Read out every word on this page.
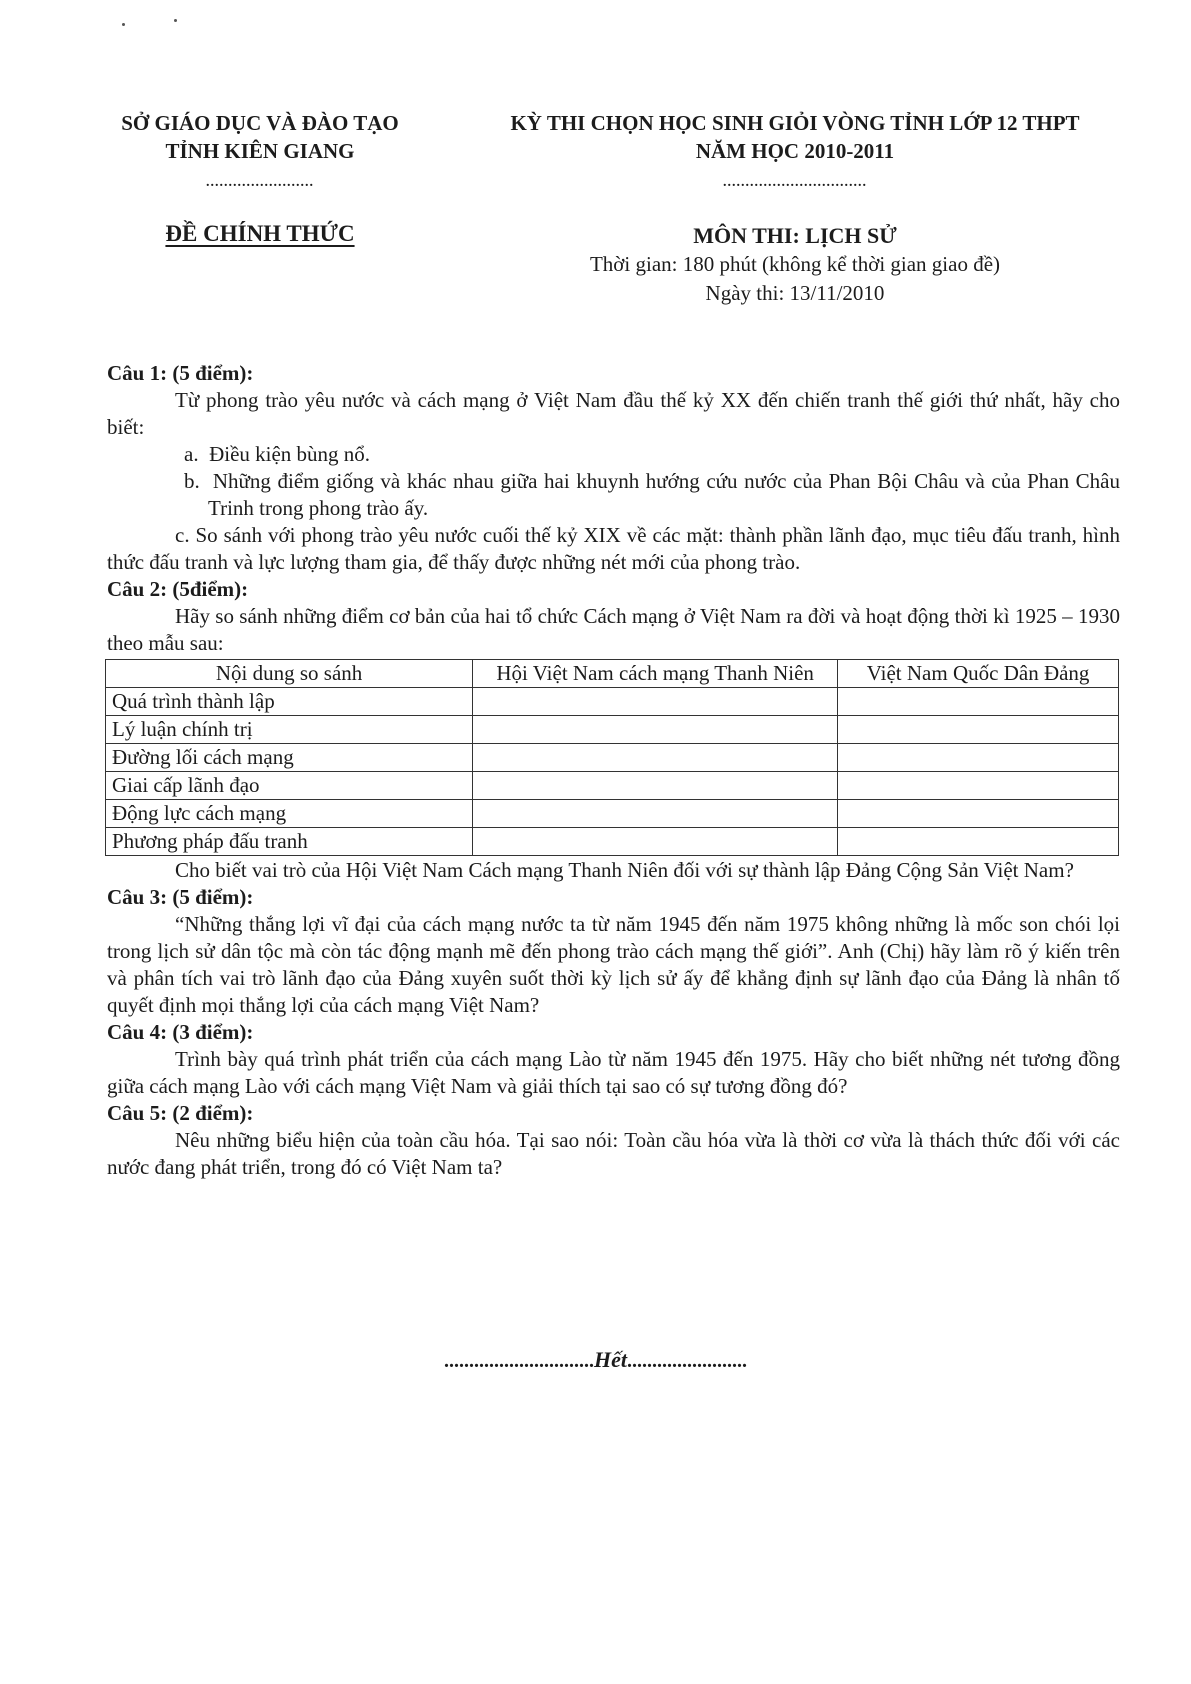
SỞ GIÁO DỤC VÀ ĐÀO TẠO
TỈNH KIÊN GIANG
........................
KỲ THI CHỌN HỌC SINH GIỎI VÒNG TỈNH LỚP 12 THPT
NĂM HỌC 2010-2011
................................
ĐỀ CHÍNH THỨC	MÔN THI: LỊCH SỬ
Thời gian: 180 phút (không kể thời gian giao đề)
Ngày thi: 13/11/2010
Câu 1: (5 điểm):

Từ phong trào yêu nước và cách mạng ở Việt Nam đầu thế kỷ XX đến chiến tranh thế giới thứ nhất, hãy cho biết:

a.  Điều kiện bùng nổ.

b.  Những điểm giống và khác nhau giữa hai khuynh hướng cứu nước của Phan Bội Châu và của Phan Châu Trinh trong phong trào ấy.

c. So sánh với phong trào yêu nước cuối thế kỷ XIX về các mặt: thành phần lãnh đạo, mục tiêu đấu tranh, hình thức đấu tranh và lực lượng tham gia, để thấy được những nét mới của phong trào.

Câu 2: (5điểm):

Hãy so sánh những điểm cơ bản của hai tổ chức Cách mạng ở Việt Nam ra đời và hoạt động thời kì 1925 – 1930 theo mẫu sau:

Nội dung so sánh	Hội Việt Nam cách mạng Thanh Niên	Việt Nam Quốc Dân Đảng
Quá trình thành lập		
Lý luận chính trị		
Đường lối cách mạng		
Giai cấp lãnh đạo		
Động lực cách mạng		
Phương pháp đấu tranh		

Cho biết vai trò của Hội Việt Nam Cách mạng Thanh Niên đối với sự thành lập Đảng Cộng Sản Việt Nam?

Câu 3: (5 điểm):

“Những thắng lợi vĩ đại của cách mạng nước ta từ năm 1945 đến năm 1975 không những là mốc son chói lọi trong lịch sử dân tộc mà còn tác động mạnh mẽ đến phong trào cách mạng thế giới”. Anh (Chị) hãy làm rõ ý kiến trên và phân tích vai trò lãnh đạo của Đảng xuyên suốt thời kỳ lịch sử ấy để khẳng định sự lãnh đạo của Đảng là nhân tố quyết định mọi thắng lợi của cách mạng Việt Nam?

Câu 4: (3 điểm):

Trình bày quá trình phát triển của cách mạng Lào từ năm 1945 đến 1975. Hãy cho biết những nét tương đồng giữa cách mạng Lào với cách mạng Việt Nam và giải thích tại sao có sự tương đồng đó?

Câu 5: (2 điểm):

Nêu những biểu hiện của toàn cầu hóa. Tại sao nói: Toàn cầu hóa vừa là thời cơ vừa là thách thức đối với các nước đang phát triển, trong đó có Việt Nam ta?

..............................Hết........................
